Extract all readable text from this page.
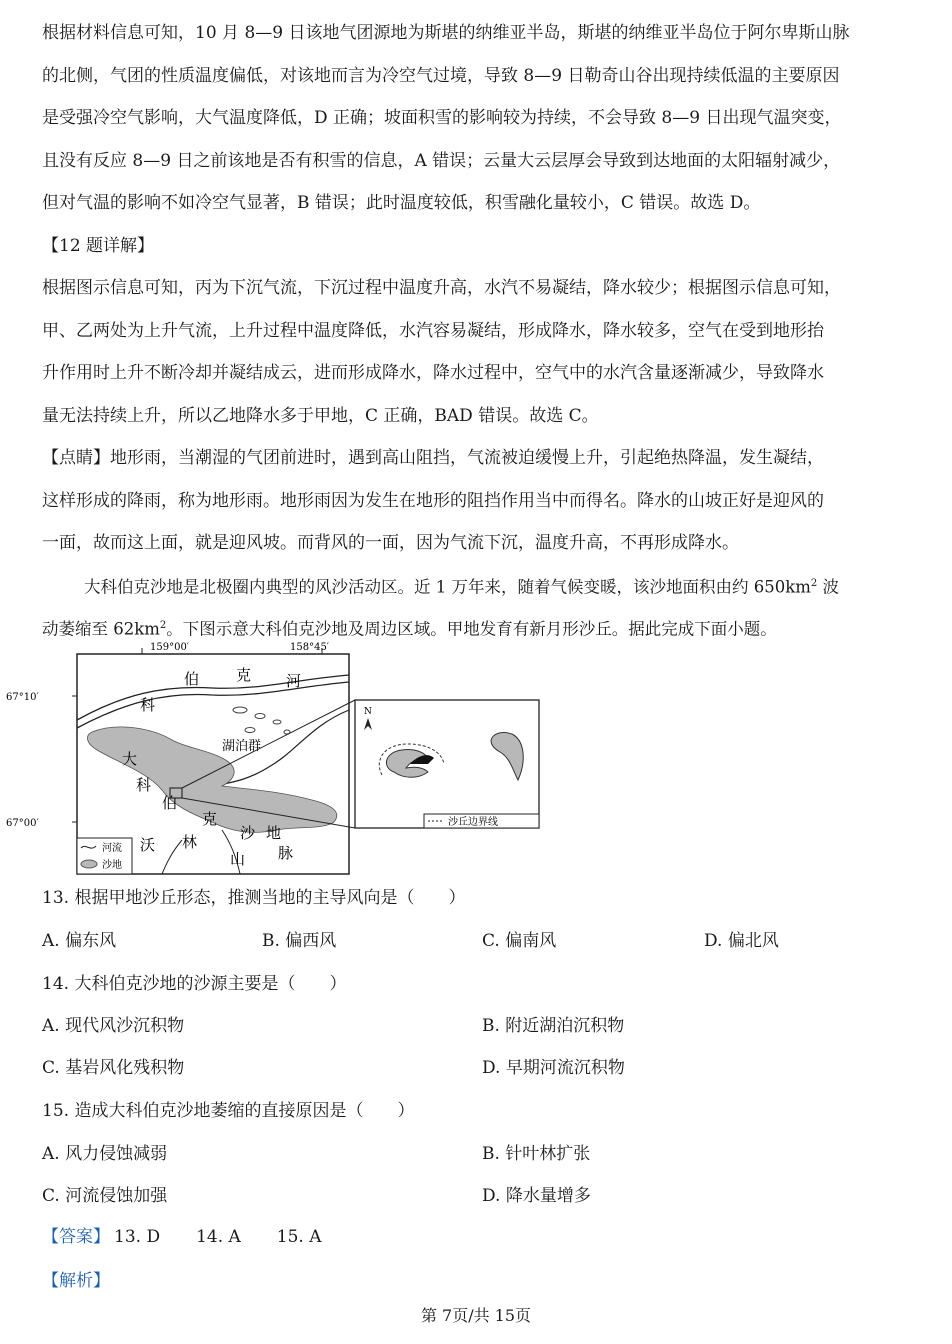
根据材料信息可知，10 月 8—9 日该地气团源地为斯堪的纳维亚半岛，斯堪的纳维亚半岛位于阿尔卑斯山脉
的北侧，气团的性质温度偏低，对该地而言为冷空气过境，导致 8—9 日勒奇山谷出现持续低温的主要原因
是受强冷空气影响，大气温度降低，D 正确；坡面积雪的影响较为持续，不会导致 8—9 日出现气温突变，
且没有反应 8—9 日之前该地是否有积雪的信息，A 错误；云量大云层厚会导致到达地面的太阳辐射减少，
但对气温的影响不如冷空气显著，B 错误；此时温度较低，积雪融化量较小，C 错误。故选 D。
【12 题详解】
根据图示信息可知，丙为下沉气流，下沉过程中温度升高，水汽不易凝结，降水较少；根据图示信息可知，
甲、乙两处为上升气流，上升过程中温度降低，水汽容易凝结，形成降水，降水较多，空气在受到地形抬
升作用时上升不断冷却并凝结成云，进而形成降水，降水过程中，空气中的水汽含量逐渐减少，导致降水
量无法持续上升，所以乙地降水多于甲地，C 正确，BAD 错误。故选 C。
【点睛】地形雨，当潮湿的气团前进时，遇到高山阻挡，气流被迫缓慢上升，引起绝热降温，发生凝结，
这样形成的降雨，称为地形雨。地形雨因为发生在地形的阻挡作用当中而得名。降水的山坡正好是迎风的
一面，故而这上面，就是迎风坡。而背风的一面，因为气流下沉，温度升高，不再形成降水。
大科伯克沙地是北极圈内典型的风沙活动区。近 1 万年来，随着气候变暖，该沙地面积由约 $650km^2$ 波
动萎缩至 $62km^2$。下图示意大科伯克沙地及周边区域。甲地发育有新月形沙丘。据此完成下面小题。
159°00′	158°45′
67°10′
67°00′
伯 克 河
科
湖泊群
大
科
伯
克
沙 地
沃 林
山 脉
河流
沙地
N
沙丘边界线
13. 根据甲地沙丘形态，推测当地的主导风向是（　　）
A. 偏东风	B. 偏西风	C. 偏南风	D. 偏北风
14. 大科伯克沙地的沙源主要是（　　）
A. 现代风沙沉积物	B. 附近湖泊沉积物
C. 基岩风化残积物	D. 早期河流沉积物
15. 造成大科伯克沙地萎缩的直接原因是（　　）
A. 风力侵蚀减弱	B. 针叶林扩张
C. 河流侵蚀加强	D. 降水量增多
【答案】 13. D 14. A 15. A
【解析】
第 7页/共 15页
